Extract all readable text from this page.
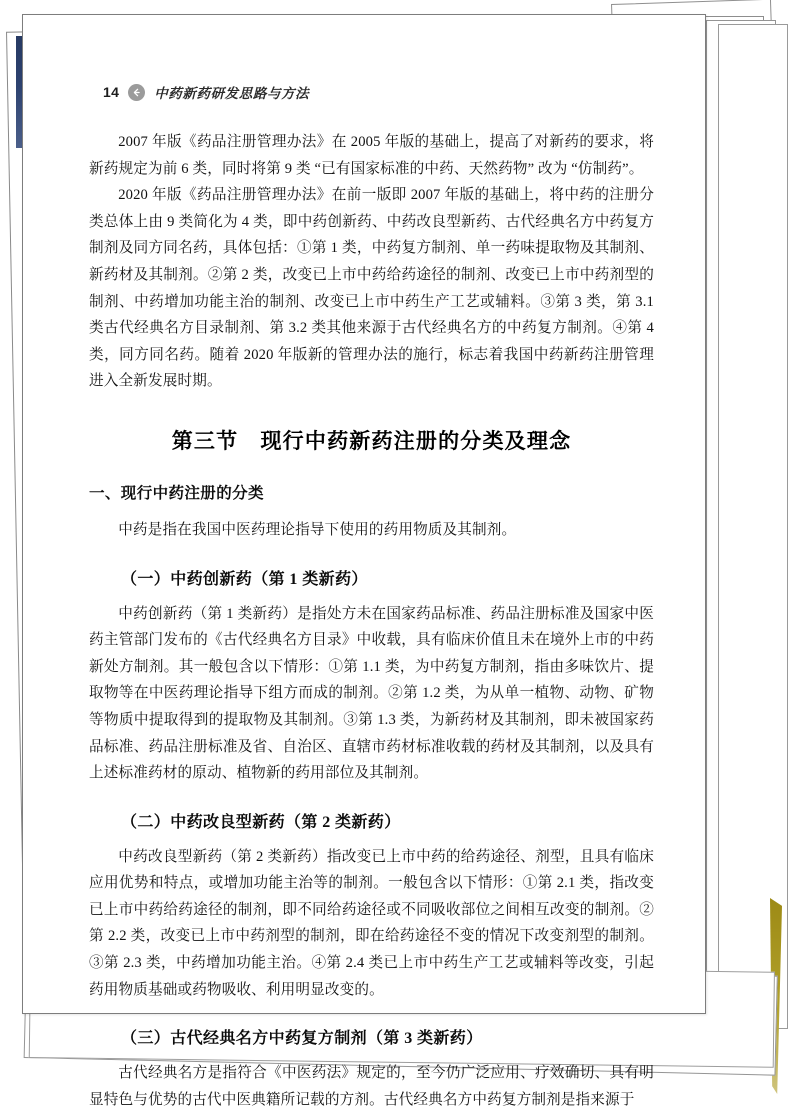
14	中药新药研发思路与方法

2007 年版《药品注册管理办法》在 2005 年版的基础上，提高了对新药的要求，将新药规定为前 6 类，同时将第 9 类 “已有国家标准的中药、天然药物” 改为 “仿制药”。

2020 年版《药品注册管理办法》在前一版即 2007 年版的基础上，将中药的注册分类总体上由 9 类简化为 4 类，即中药创新药、中药改良型新药、古代经典名方中药复方制剂及同方同名药，具体包括：①第 1 类，中药复方制剂、单一药味提取物及其制剂、新药材及其制剂。②第 2 类，改变已上市中药给药途径的制剂、改变已上市中药剂型的制剂、中药增加功能主治的制剂、改变已上市中药生产工艺或辅料。③第 3 类，第 3.1 类古代经典名方目录制剂、第 3.2 类其他来源于古代经典名方的中药复方制剂。④第 4 类，同方同名药。随着 2020 年版新的管理办法的施行，标志着我国中药新药注册管理进入全新发展时期。

第三节　现行中药新药注册的分类及理念
一、现行中药注册的分类

中药是指在我国中医药理论指导下使用的药用物质及其制剂。

（一）中药创新药（第 1 类新药）

中药创新药（第 1 类新药）是指处方未在国家药品标准、药品注册标准及国家中医药主管部门发布的《古代经典名方目录》中收载，具有临床价值且未在境外上市的中药新处方制剂。其一般包含以下情形：①第 1.1 类，为中药复方制剂，指由多味饮片、提取物等在中医药理论指导下组方而成的制剂。②第 1.2 类，为从单一植物、动物、矿物等物质中提取得到的提取物及其制剂。③第 1.3 类，为新药材及其制剂，即未被国家药品标准、药品注册标准及省、自治区、直辖市药材标准收载的药材及其制剂，以及具有上述标准药材的原动、植物新的药用部位及其制剂。

（二）中药改良型新药（第 2 类新药）

中药改良型新药（第 2 类新药）指改变已上市中药的给药途径、剂型，且具有临床应用优势和特点，或增加功能主治等的制剂。一般包含以下情形：①第 2.1 类，指改变已上市中药给药途径的制剂，即不同给药途径或不同吸收部位之间相互改变的制剂。②第 2.2 类，改变已上市中药剂型的制剂，即在给药途径不变的情况下改变剂型的制剂。③第 2.3 类，中药增加功能主治。④第 2.4 类已上市中药生产工艺或辅料等改变，引起药用物质基础或药物吸收、利用明显改变的。

（三）古代经典名方中药复方制剂（第 3 类新药）

古代经典名方是指符合《中医药法》规定的，至今仍广泛应用、疗效确切、具有明显特色与优势的古代中医典籍所记载的方剂。古代经典名方中药复方制剂是指来源于
